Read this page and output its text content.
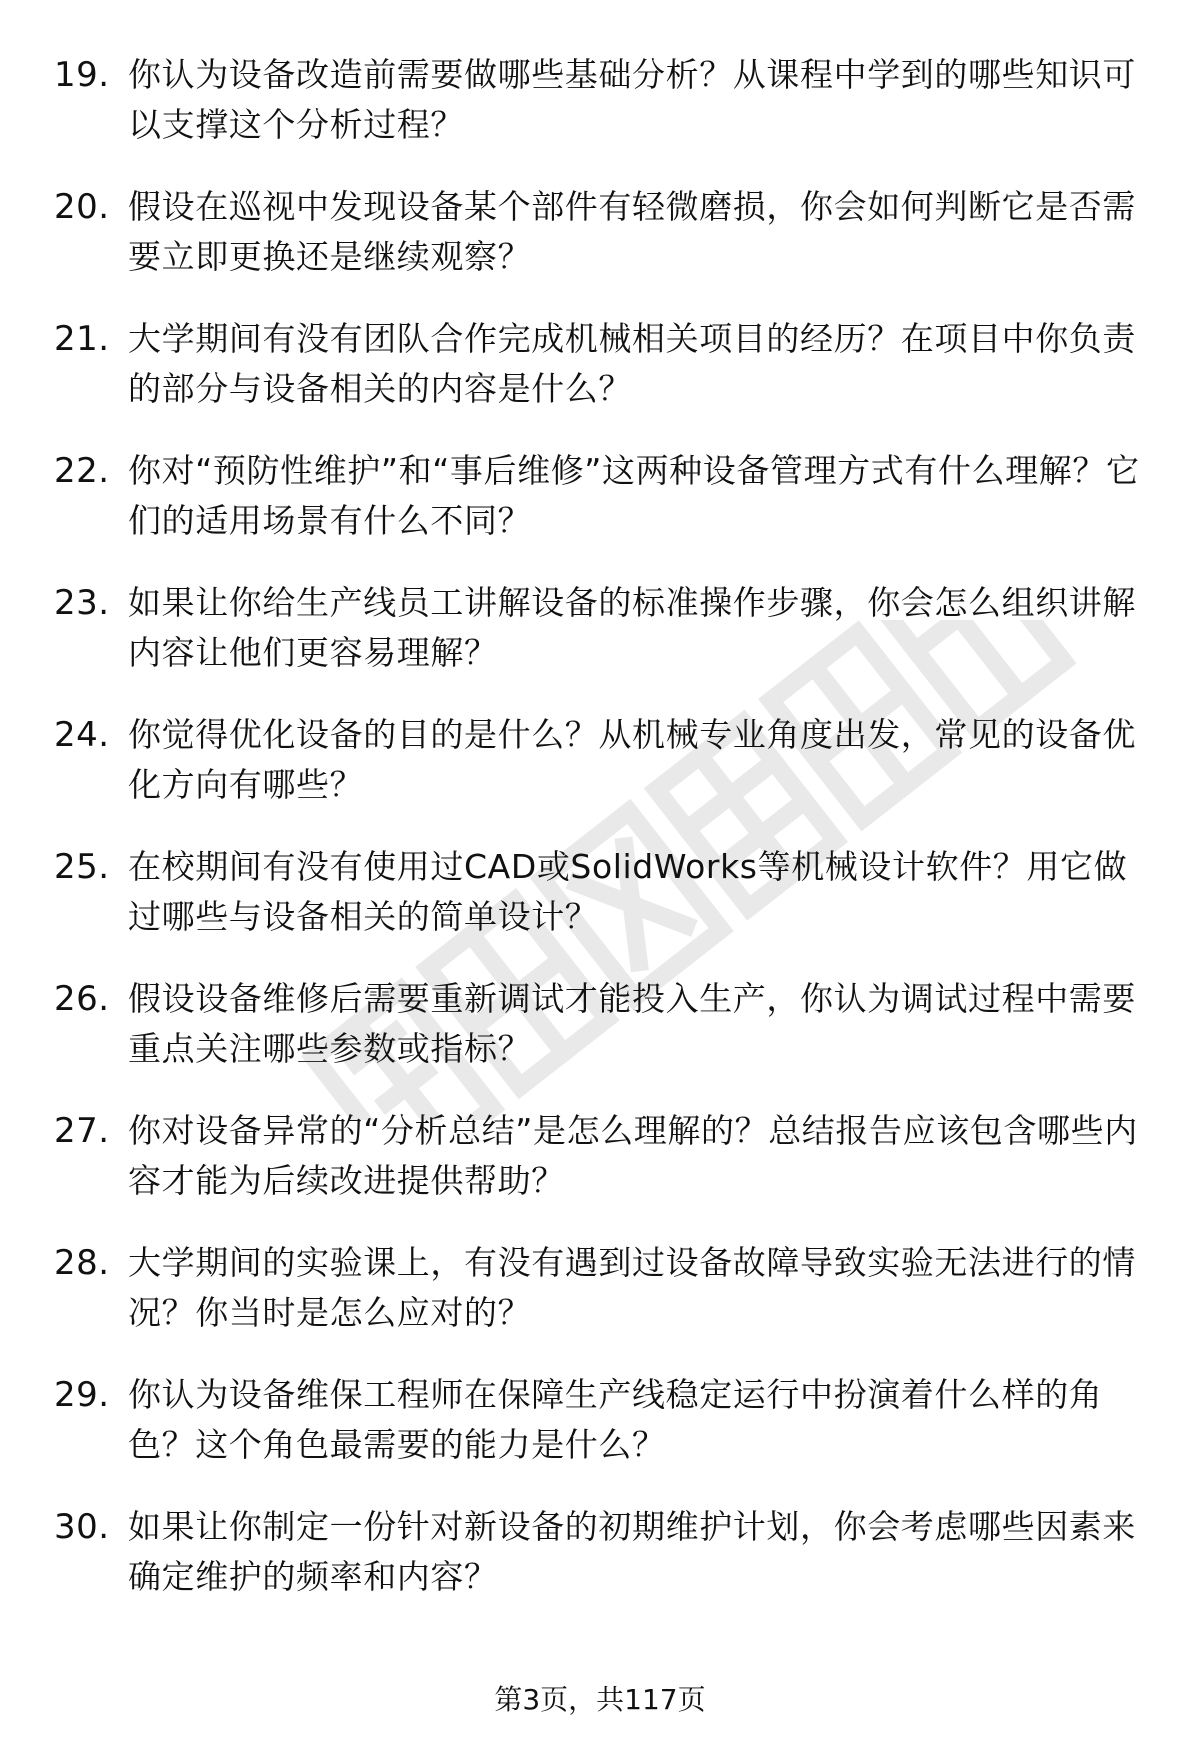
19. 你认为设备改造前需要做哪些基础分析？从课程中学到的哪些知识可以支撑这个分析过程？
20. 假设在巡视中发现设备某个部件有轻微磨损，你会如何判断它是否需要立即更换还是继续观察？
21. 大学期间有没有团队合作完成机械相关项目的经历？在项目中你负责的部分与设备相关的内容是什么？
22. 你对“预防性维护”和“事后维修”这两种设备管理方式有什么理解？它们的适用场景有什么不同？
23. 如果让你给生产线员工讲解设备的标准操作步骤，你会怎么组织讲解内容让他们更容易理解？
24. 你觉得优化设备的目的是什么？从机械专业角度出发，常见的设备优化方向有哪些？
25. 在校期间有没有使用过CAD或SolidWorks等机械设计软件？用它做过哪些与设备相关的简单设计？
26. 假设设备维修后需要重新调试才能投入生产，你认为调试过程中需要重点关注哪些参数或指标？
27. 你对设备异常的“分析总结”是怎么理解的？总结报告应该包含哪些内容才能为后续改进提供帮助？
28. 大学期间的实验课上，有没有遇到过设备故障导致实验无法进行的情况？你当时是怎么应对的？
29. 你认为设备维保工程师在保障生产线稳定运行中扮演着什么样的角色？这个角色最需要的能力是什么？
30. 如果让你制定一份针对新设备的初期维护计划，你会考虑哪些因素来确定维护的频率和内容？
第3页，共117页
